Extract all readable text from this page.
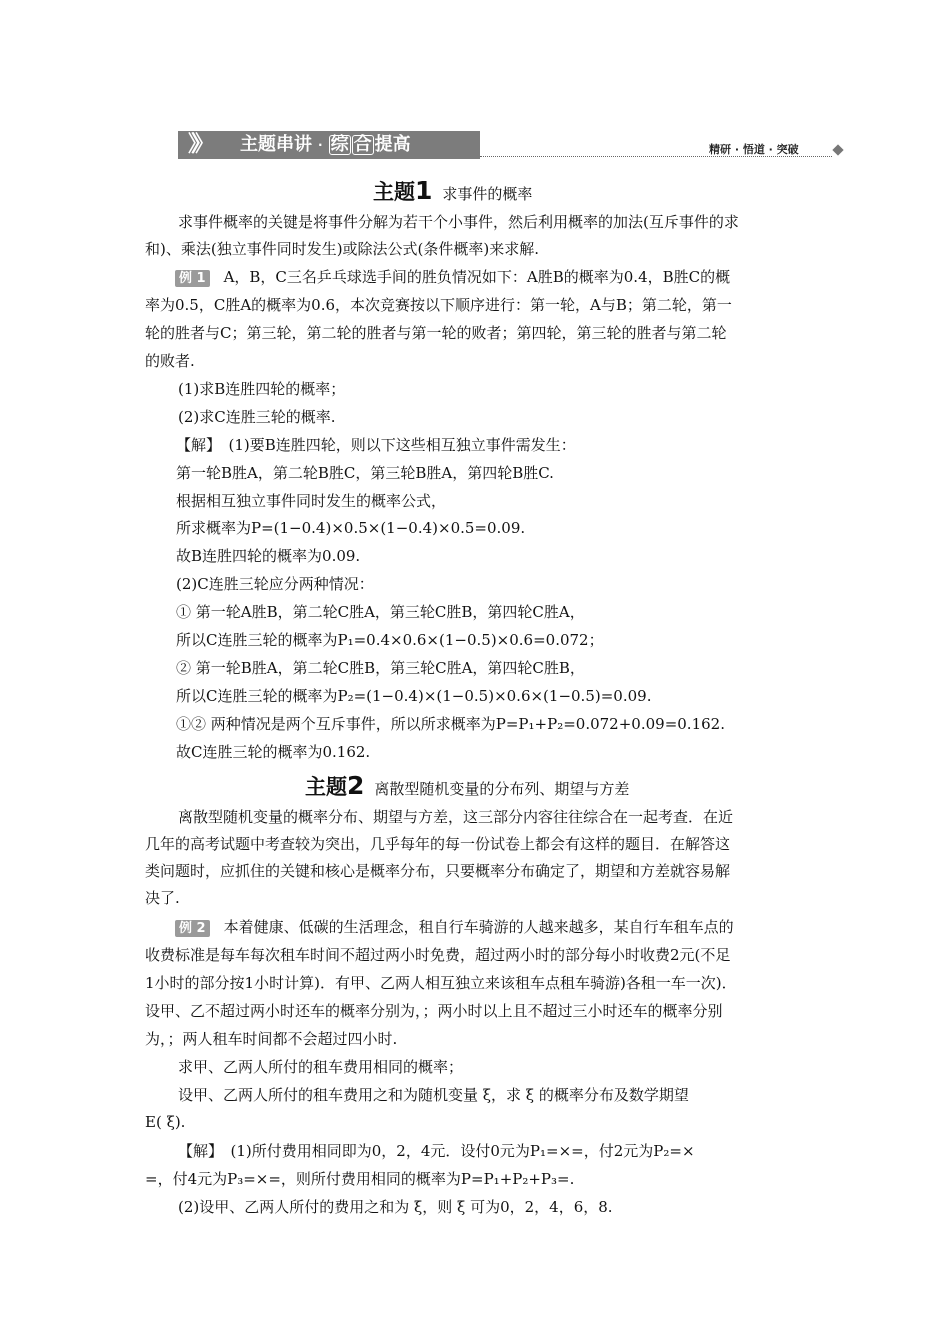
》》 主题串讲 · 综 合 提高	精研 · 悟道 · 突破
主题1 求事件的概率
求事件概率的关键是将事件分解为若干个小事件，然后利用概率的加法(互斥事件的求
和)、乘法(独立事件同时发生)或除法公式(条件概率)来求解.
例 1 A，B，C三名乒乓球选手间的胜负情况如下：A胜B的概率为0.4，B胜C的概
率为0.5，C胜A的概率为0.6，本次竞赛按以下顺序进行：第一轮，A与B；第二轮，第一
轮的胜者与C；第三轮，第二轮的胜者与第一轮的败者；第四轮，第三轮的胜者与第二轮
的败者.
(1)求B连胜四轮的概率；
(2)求C连胜三轮的概率.
【解】　(1)要B连胜四轮，则以下这些相互独立事件需发生：
第一轮B胜A，第二轮B胜C，第三轮B胜A，第四轮B胜C.
根据相互独立事件同时发生的概率公式，
所求概率为P=(1−0.4)×0.5×(1−0.4)×0.5=0.09.
故B连胜四轮的概率为0.09.
(2)C连胜三轮应分两种情况：
① 第一轮A胜B，第二轮C胜A，第三轮C胜B，第四轮C胜A，
所以C连胜三轮的概率为P₁=0.4×0.6×(1−0.5)×0.6=0.072；
② 第一轮B胜A，第二轮C胜B，第三轮C胜A，第四轮C胜B，
所以C连胜三轮的概率为P₂=(1−0.4)×(1−0.5)×0.6×(1−0.5)=0.09.
①② 两种情况是两个互斥事件，所以所求概率为P=P₁+P₂=0.072+0.09=0.162.
故C连胜三轮的概率为0.162.
主题2 离散型随机变量的分布列、期望与方差
离散型随机变量的概率分布、期望与方差，这三部分内容往往综合在一起考查．在近
几年的高考试题中考查较为突出，几乎每年的每一份试卷上都会有这样的题目．在解答这
类问题时，应抓住的关键和核心是概率分布，只要概率分布确定了，期望和方差就容易解
决了.
例 2 本着健康、低碳的生活理念，租自行车骑游的人越来越多，某自行车租车点的
收费标准是每车每次租车时间不超过两小时免费，超过两小时的部分每小时收费2元(不足
1小时的部分按1小时计算)．有甲、乙两人相互独立来该租车点租车骑游)各租一车一次)．
设甲、乙不超过两小时还车的概率分别为，；两小时以上且不超过三小时还车的概率分别
为，；两人租车时间都不会超过四小时.
求甲、乙两人所付的租车费用相同的概率；
设甲、乙两人所付的租车费用之和为随机变量 ξ，求 ξ 的概率分布及数学期望
E( ξ).
【解】　(1)所付费用相同即为0，2，4元．设付0元为P₁=×=，付2元为P₂=×
=，付4元为P₃=×=，则所付费用相同的概率为P=P₁+P₂+P₃=.
(2)设甲、乙两人所付的费用之和为 ξ，则 ξ 可为0，2，4，6，8.
